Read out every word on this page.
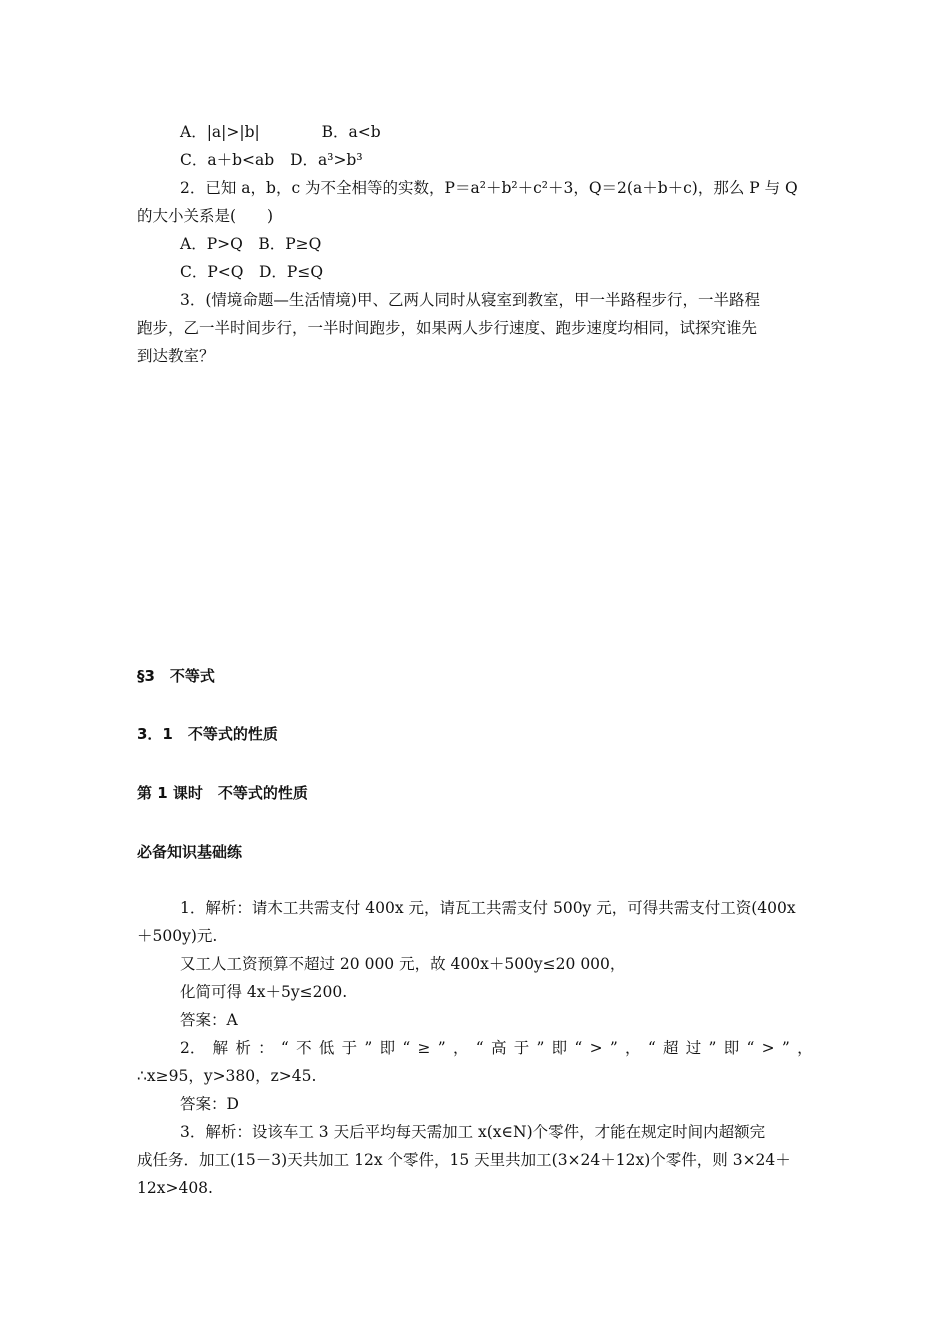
A．|a|>|b|	B．a<b
C．a＋b<ab D．a³>b³
2．已知 a，b，c 为不全相等的实数，P＝a²＋b²＋c²＋3，Q＝2(a＋b＋c)，那么 P 与 Q
的大小关系是(　　)
A．P>Q　B．P≥Q
C．P<Q　D．P≤Q
3．(情境命题—生活情境)甲、乙两人同时从寝室到教室，甲一半路程步行，一半路程
跑步，乙一半时间步行，一半时间跑步，如果两人步行速度、跑步速度均相同，试探究谁先
到达教室？
§3　不等式
3．1　不等式的性质
第 1 课时　不等式的性质
必备知识基础练
1．解析：请木工共需支付 400x 元，请瓦工共需支付 500y 元，可得共需支付工资(400x
＋500y)元.
又工人工资预算不超过 20 000 元，故 400x＋500y≤20 000，
化简可得 4x＋5y≤200.
答案：A
2． 解 析 ： “ 不 低 于 ” 即 “ ≥ ” ， “ 高 于 ” 即 “ > ” ， “ 超 过 ” 即 “ > ” ，
∴x≥95，y>380，z>45.
答案：D
3．解析：设该车工 3 天后平均每天需加工 x(x∈N)个零件，才能在规定时间内超额完
成任务．加工(15－3)天共加工 12x 个零件，15 天里共加工(3×24＋12x)个零件，则 3×24＋
12x>408.
